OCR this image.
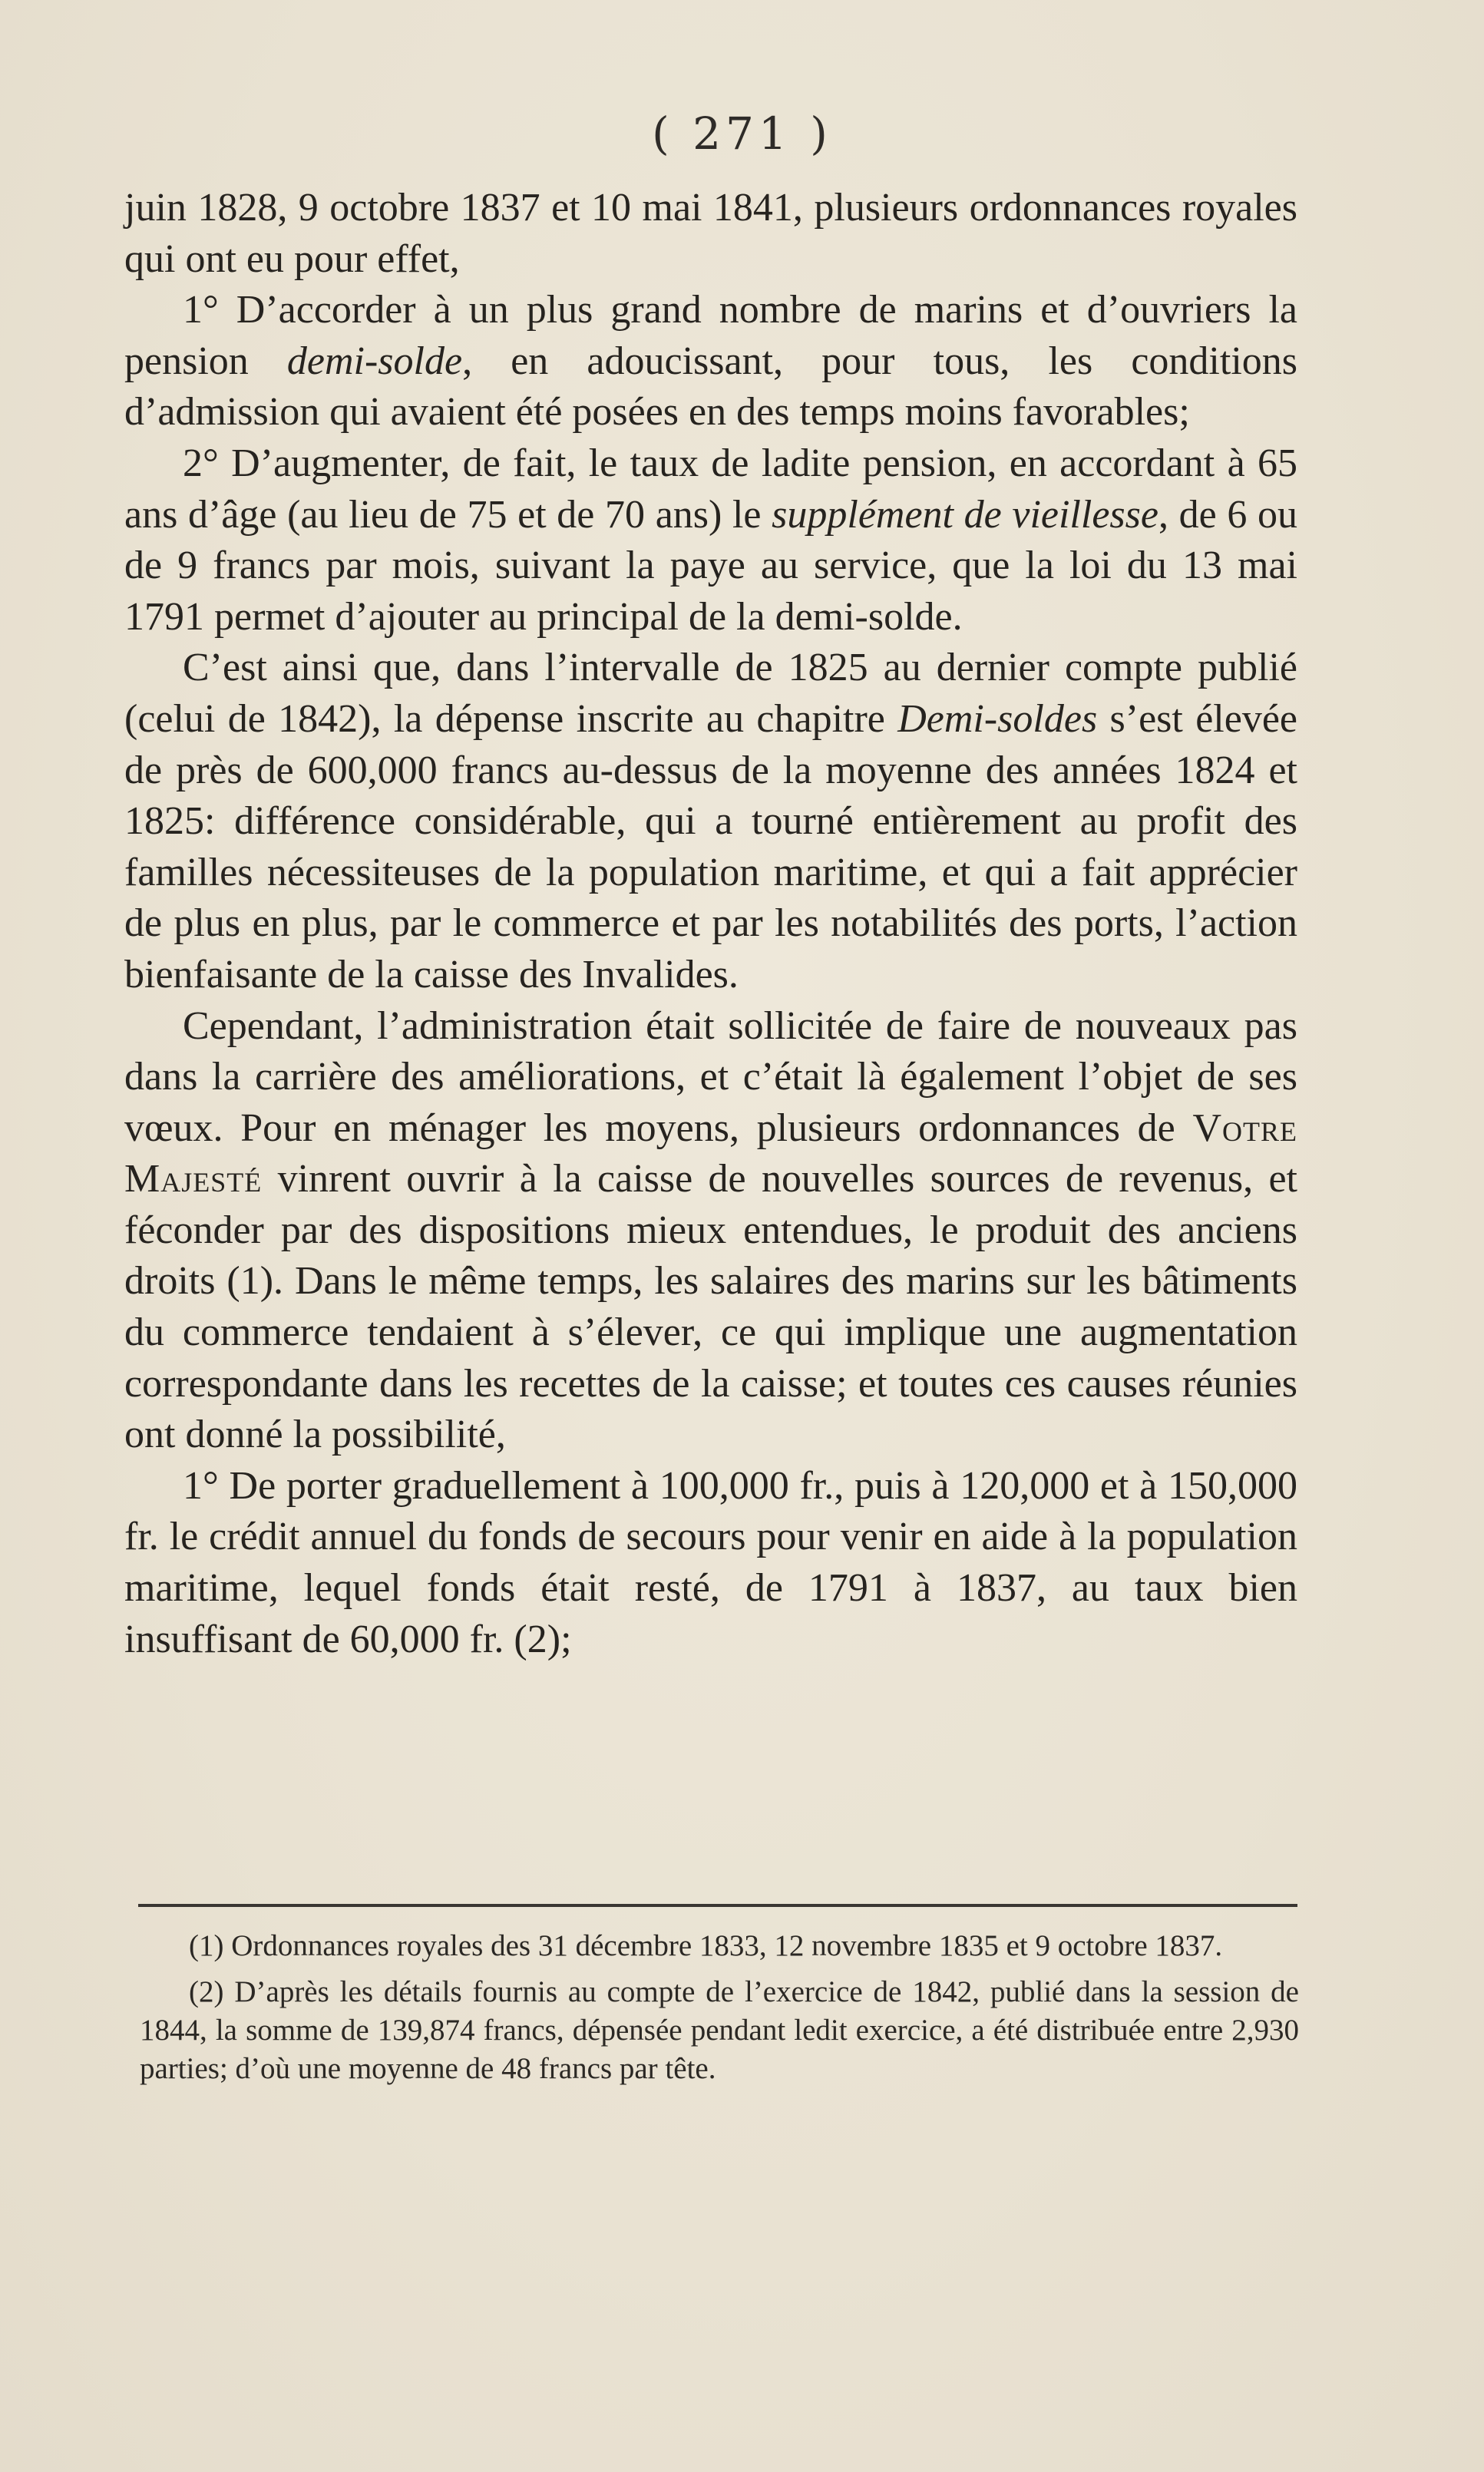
( 271 )

juin 1828, 9 octobre 1837 et 10 mai 1841, plusieurs ordonnances royales qui ont eu pour effet,

1° D’accorder à un plus grand nombre de marins et d’ouvriers la pension demi-solde, en adoucissant, pour tous, les conditions d’admission qui avaient été posées en des temps moins favorables;

2° D’augmenter, de fait, le taux de ladite pension, en accordant à 65 ans d’âge (au lieu de 75 et de 70 ans) le supplément de vieillesse, de 6 ou de 9 francs par mois, suivant la paye au service, que la loi du 13 mai 1791 permet d’ajouter au principal de la demi-solde.

C’est ainsi que, dans l’intervalle de 1825 au dernier compte publié (celui de 1842), la dépense inscrite au chapitre Demi-soldes s’est élevée de près de 600,000 francs au-dessus de la moyenne des années 1824 et 1825: différence considérable, qui a tourné entièrement au profit des familles nécessiteuses de la population maritime, et qui a fait apprécier de plus en plus, par le commerce et par les notabilités des ports, l’action bienfaisante de la caisse des Invalides.

Cependant, l’administration était sollicitée de faire de nouveaux pas dans la carrière des améliorations, et c’était là également l’objet de ses vœux. Pour en ménager les moyens, plusieurs ordonnances de Votre Majesté vinrent ouvrir à la caisse de nouvelles sources de revenus, et féconder par des dispositions mieux entendues, le produit des anciens droits (1). Dans le même temps, les salaires des marins sur les bâtiments du commerce tendaient à s’élever, ce qui implique une augmentation correspondante dans les recettes de la caisse; et toutes ces causes réunies ont donné la possibilité,

1° De porter graduellement à 100,000 fr., puis à 120,000 et à 150,000 fr. le crédit annuel du fonds de secours pour venir en aide à la population maritime, lequel fonds était resté, de 1791 à 1837, au taux bien insuffisant de 60,000 fr. (2);

(1) Ordonnances royales des 31 décembre 1833, 12 novembre 1835 et 9 octobre 1837.

(2) D’après les détails fournis au compte de l’exercice de 1842, publié dans la session de 1844, la somme de 139,874 francs, dépensée pendant ledit exercice, a été distribuée entre 2,930 parties; d’où une moyenne de 48 francs par tête.
